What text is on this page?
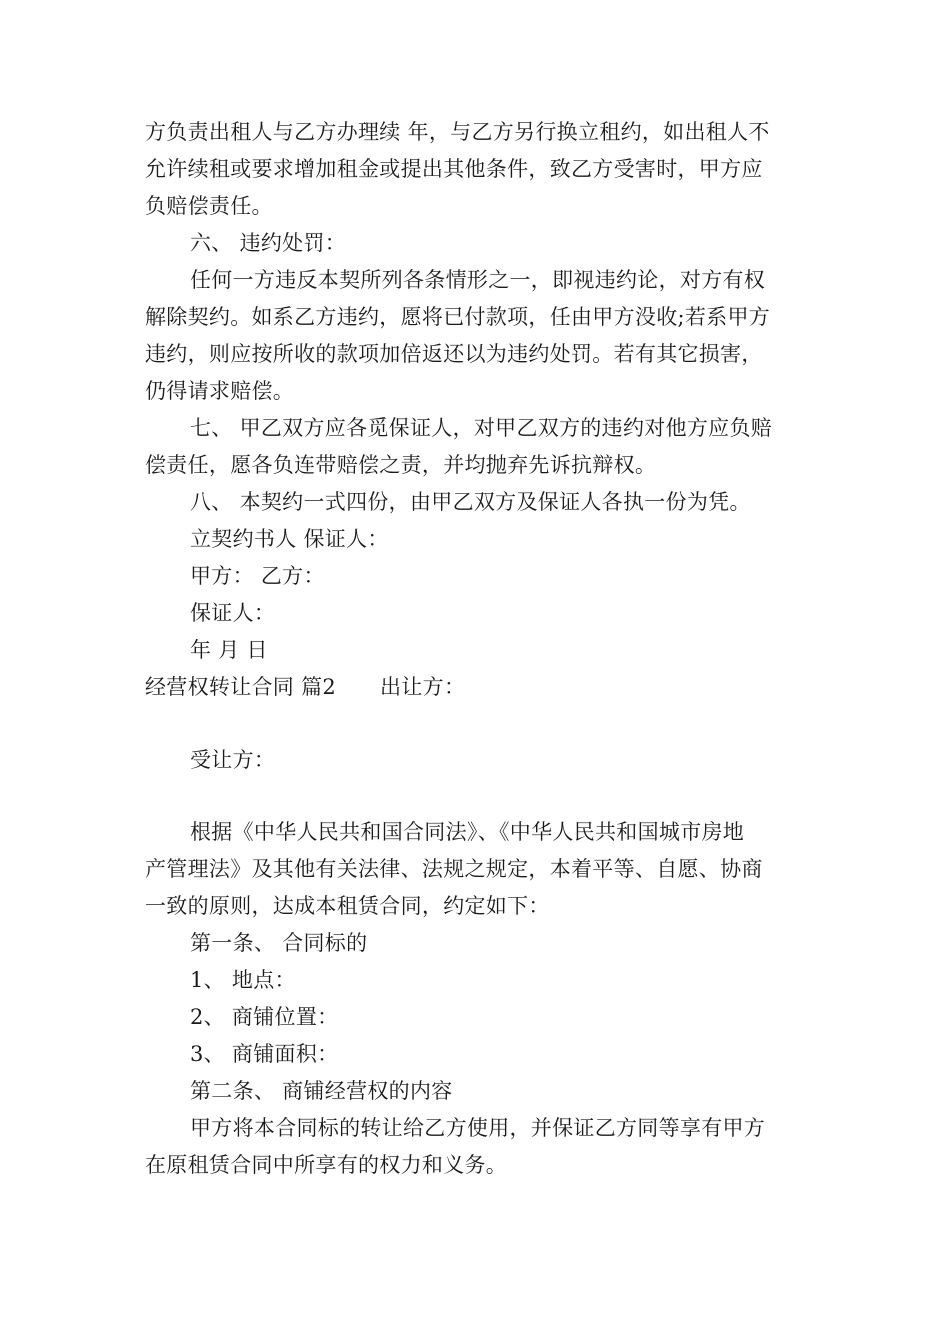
方负责出租人与乙方办理续 年，与乙方另行换立租约，如出租人不
允许续租或要求增加租金或提出其他条件，致乙方受害时，甲方应
负赔偿责任。
六、 违约处罚：
任何一方违反本契所列各条情形之一，即视违约论，对方有权
解除契约。如系乙方违约，愿将已付款项，任由甲方没收;若系甲方
违约，则应按所收的款项加倍返还以为违约处罚。若有其它损害，
仍得请求赔偿。
七、 甲乙双方应各觅保证人，对甲乙双方的违约对他方应负赔
偿责任，愿各负连带赔偿之责，并均抛弃先诉抗辩权。
八、 本契约一式四份，由甲乙双方及保证人各执一份为凭。
立契约书人 保证人：
甲方： 乙方：
保证人：
年 月 日
经营权转让合同 篇2 出让方：
受让方：
根据《中华人民共和国合同法》、《中华人民共和国城市房地
产管理法》及其他有关法律、法规之规定，本着平等、自愿、协商
一致的原则，达成本租赁合同，约定如下：
第一条、 合同标的
1、 地点：
2、 商铺位置：
3、 商铺面积：
第二条、 商铺经营权的内容
甲方将本合同标的转让给乙方使用，并保证乙方同等享有甲方
在原租赁合同中所享有的权力和义务。
